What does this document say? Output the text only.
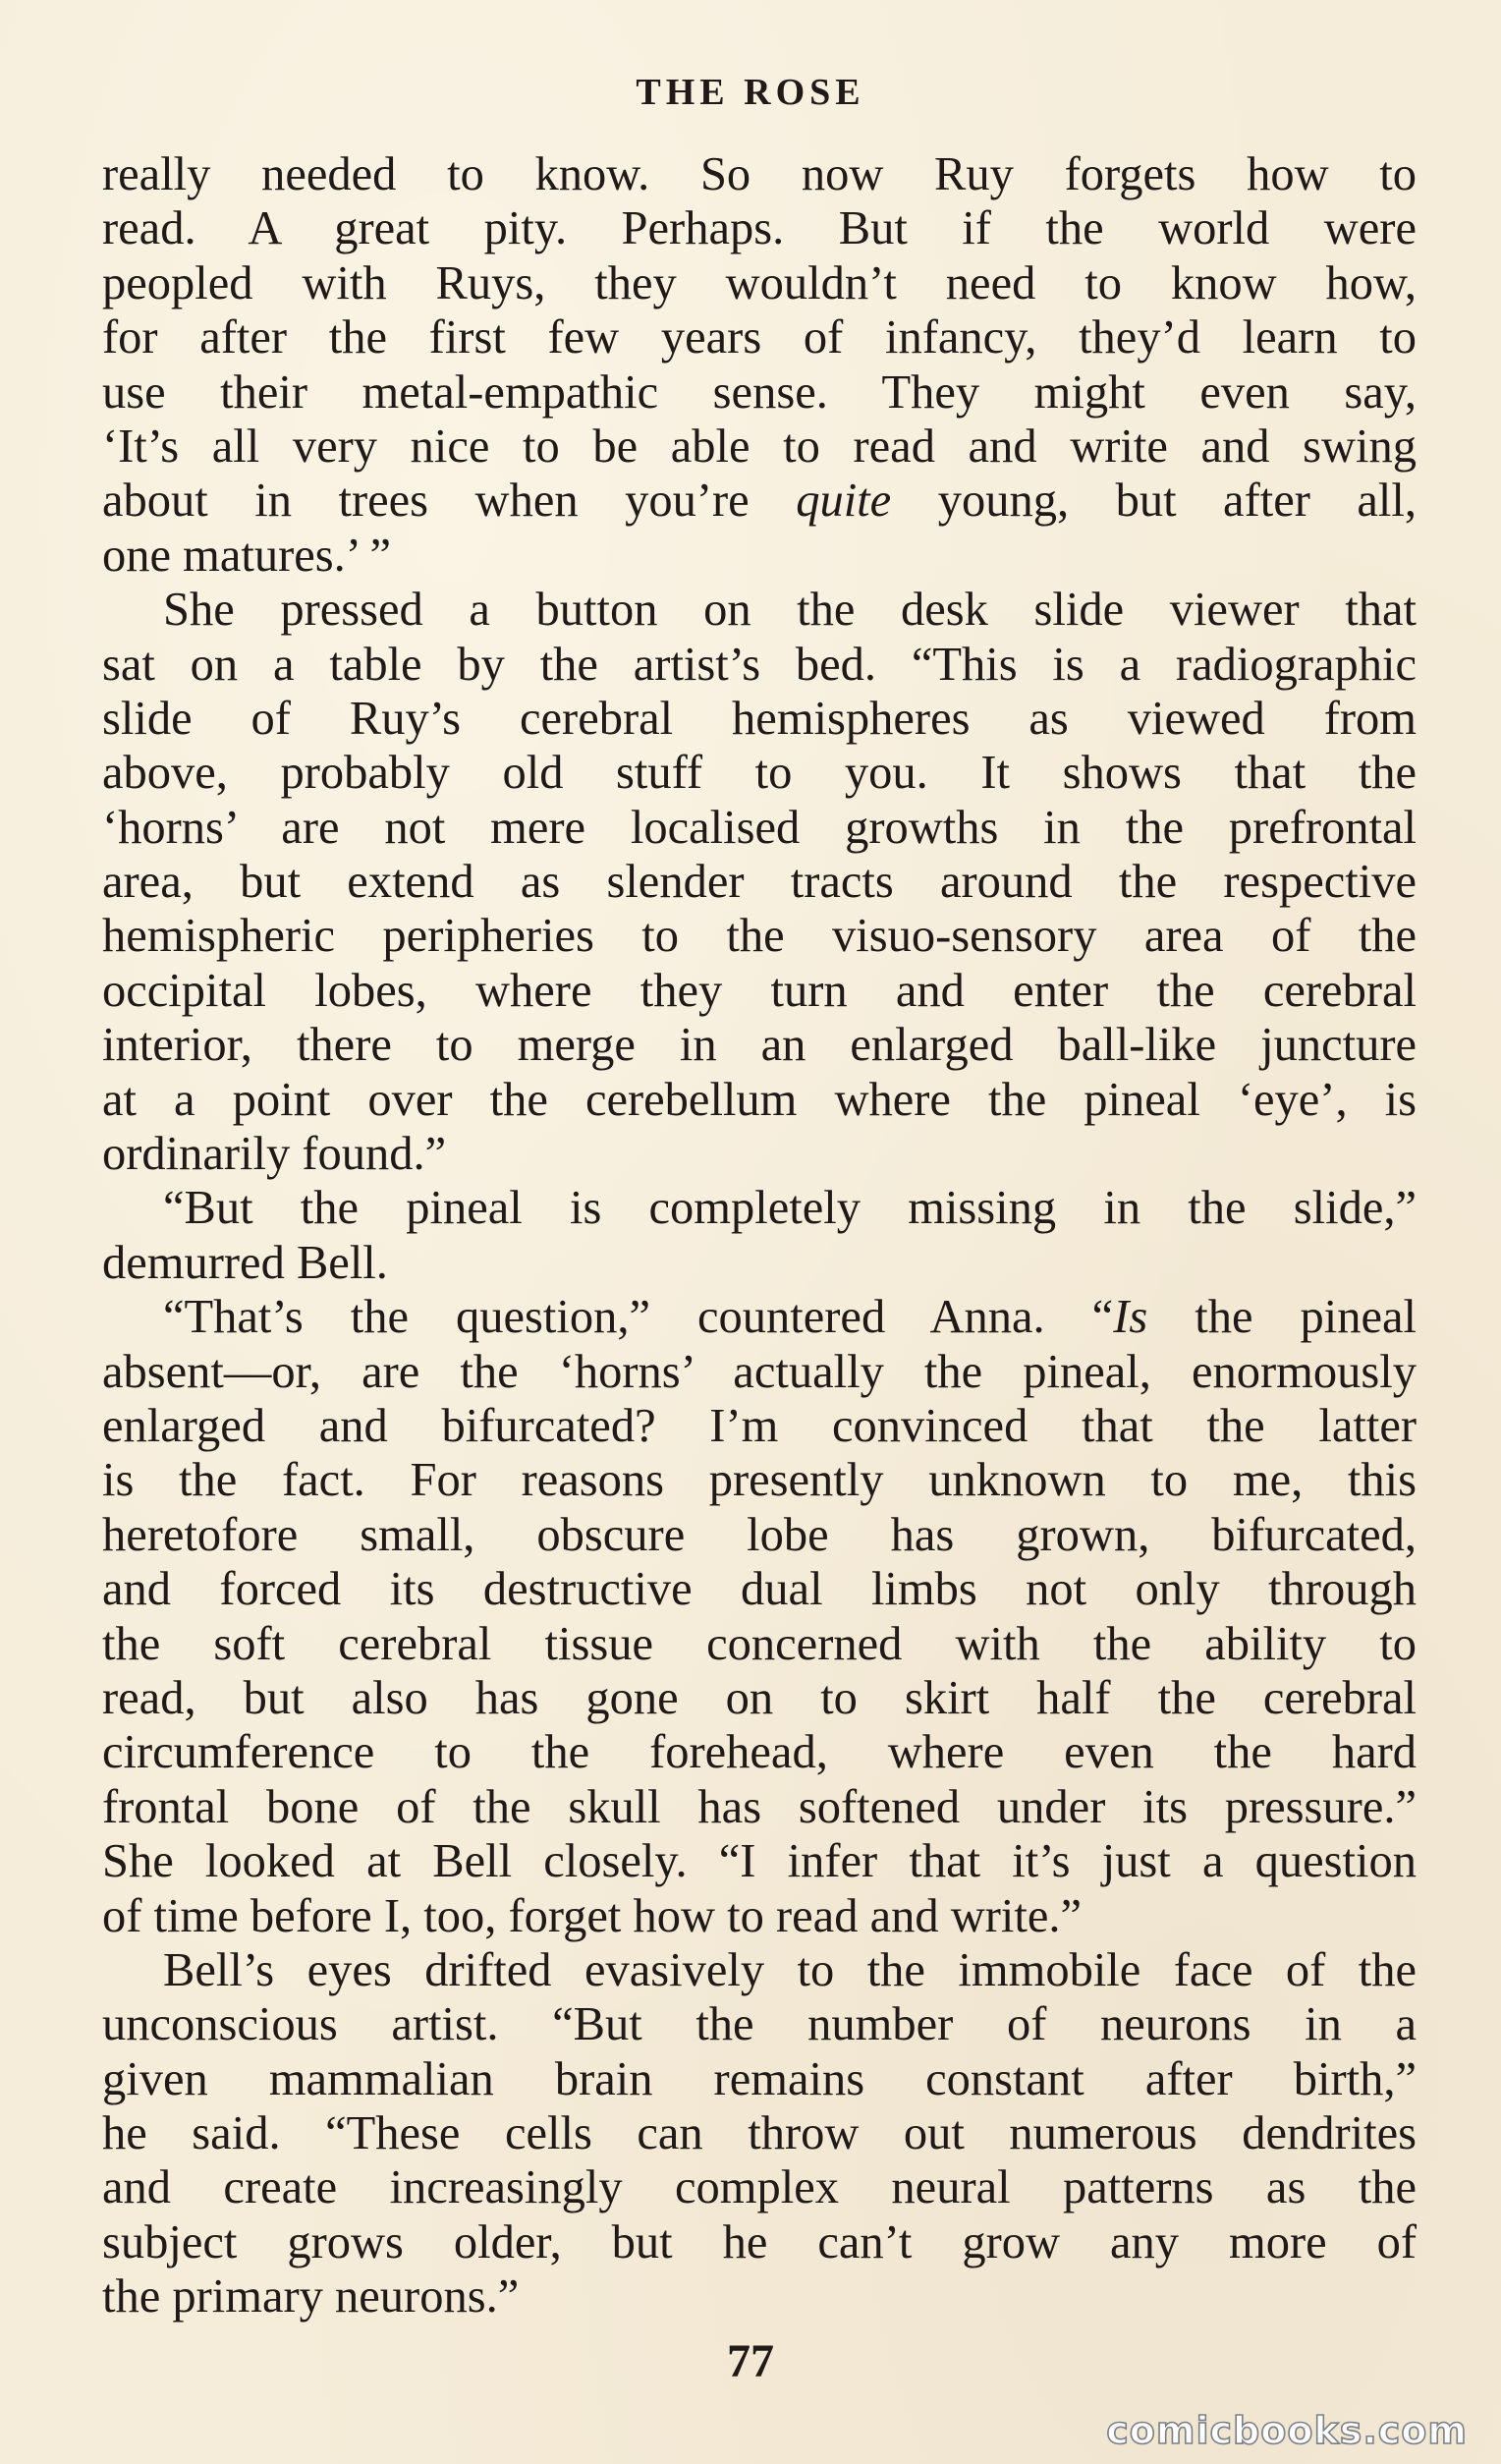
THE ROSE
really needed to know. So now Ruy forgets how to
read. A great pity. Perhaps. But if the world were
peopled with Ruys, they wouldn’t need to know how,
for after the first few years of infancy, they’d learn to
use their metal-empathic sense. They might even say,
‘It’s all very nice to be able to read and write and swing
about in trees when you’re quite young, but after all,
one matures.’ ”
She pressed a button on the desk slide viewer that
sat on a table by the artist’s bed. “This is a radiographic
slide of Ruy’s cerebral hemispheres as viewed from
above, probably old stuff to you. It shows that the
‘horns’ are not mere localised growths in the prefrontal
area, but extend as slender tracts around the respective
hemispheric peripheries to the visuo-sensory area of the
occipital lobes, where they turn and enter the cerebral
interior, there to merge in an enlarged ball-like juncture
at a point over the cerebellum where the pineal ‘eye’, is
ordinarily found.”
“But the pineal is completely missing in the slide,”
demurred Bell.
“That’s the question,” countered Anna. “Is the pineal
absent—or, are the ‘horns’ actually the pineal, enormously
enlarged and bifurcated? I’m convinced that the latter
is the fact. For reasons presently unknown to me, this
heretofore small, obscure lobe has grown, bifurcated,
and forced its destructive dual limbs not only through
the soft cerebral tissue concerned with the ability to
read, but also has gone on to skirt half the cerebral
circumference to the forehead, where even the hard
frontal bone of the skull has softened under its pressure.”
She looked at Bell closely. “I infer that it’s just a question
of time before I, too, forget how to read and write.”
Bell’s eyes drifted evasively to the immobile face of the
unconscious artist. “But the number of neurons in a
given mammalian brain remains constant after birth,”
he said. “These cells can throw out numerous dendrites
and create increasingly complex neural patterns as the
subject grows older, but he can’t grow any more of
the primary neurons.”
77
comicbooks.com
